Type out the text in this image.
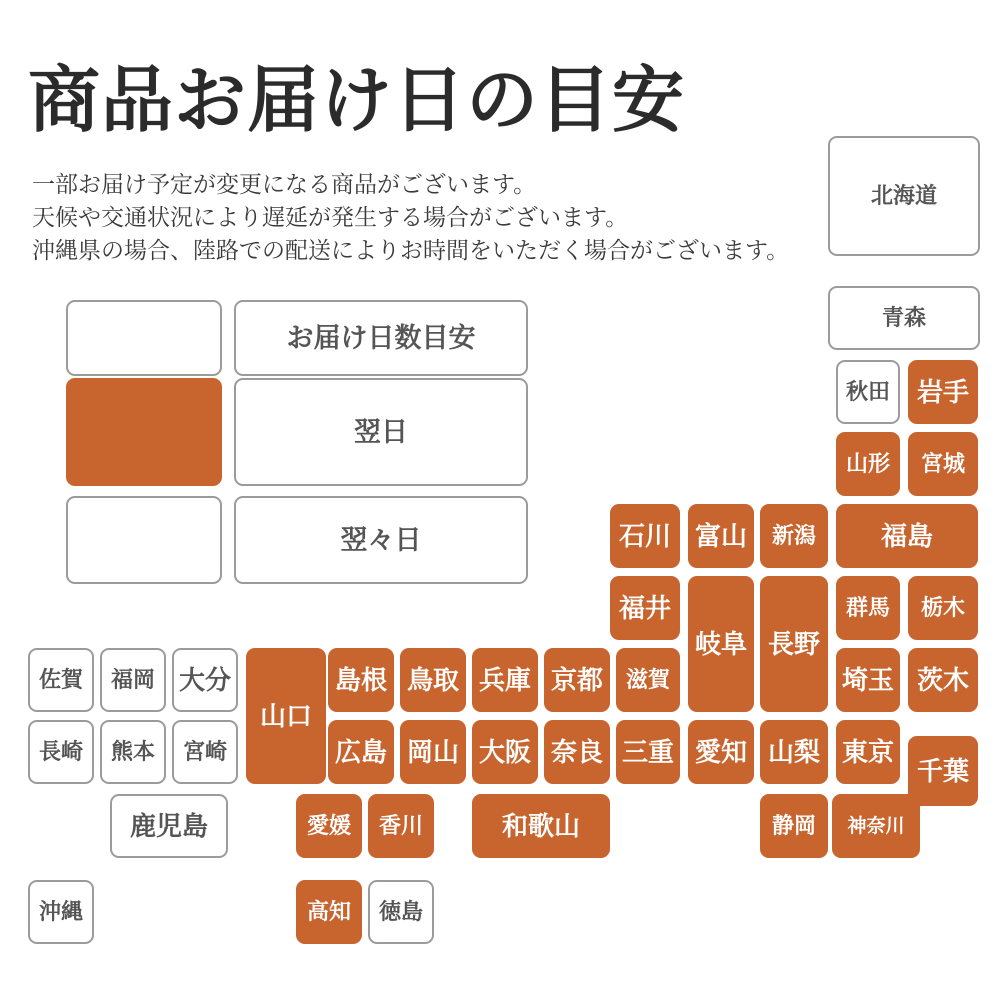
商品お届け日の目安
一部お届け予定が変更になる商品がございます。
天候や交通状況により遅延が発生する場合がございます。
沖縄県の場合、陸路での配送によりお時間をいただく場合がございます。
お届け日数目安
翌日
翌々日
北海道
青森
秋田	岩手
山形	宮城
石川 富山	新潟	福島
福井
岐阜 長野
群馬	栃木
佐賀	福岡 大分
山口
島根 鳥取 兵庫 京都	滋賀	埼玉 茨木
長崎	熊本	宮崎	広島 岡山 大阪 奈良 三重 愛知 山梨 東京
千葉
鹿児島	愛媛	香川	和歌山	静岡	神奈川
沖縄	高知	徳島
